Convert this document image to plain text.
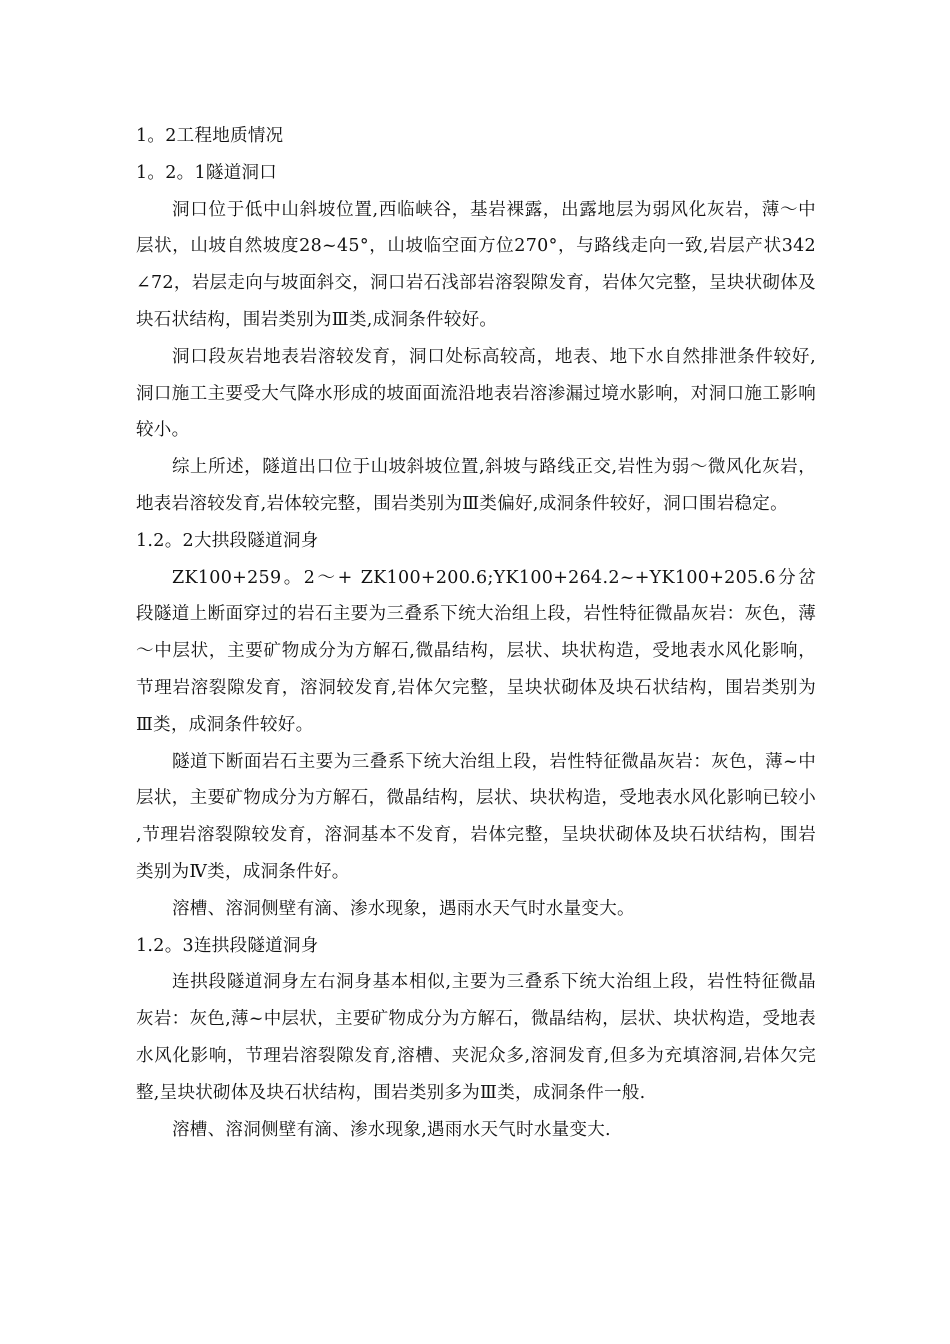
1。2工程地质情况
1。2。1隧道洞口

洞口位于低中山斜坡位置,西临峡谷，基岩裸露，出露地层为弱风化灰岩，薄～中层状，山坡自然坡度28~45°，山坡临空面方位270°，与路线走向一致,岩层产状342∠72，岩层走向与坡面斜交，洞口岩石浅部岩溶裂隙发育，岩体欠完整，呈块状砌体及块石状结构，围岩类别为Ⅲ类,成洞条件较好。

洞口段灰岩地表岩溶较发育，洞口处标高较高，地表、地下水自然排泄条件较好,洞口施工主要受大气降水形成的坡面面流沿地表岩溶渗漏过境水影响，对洞口施工影响较小。

综上所述，隧道出口位于山坡斜坡位置,斜坡与路线正交,岩性为弱～微风化灰岩，地表岩溶较发育,岩体较完整，围岩类别为Ⅲ类偏好,成洞条件较好，洞口围岩稳定。

1.2。2大拱段隧道洞身

ZK100+259。2～+ ZK100+200.6;YK100+264.2~+YK100+205.6分岔段隧道上断面穿过的岩石主要为三叠系下统大治组上段，岩性特征微晶灰岩：灰色，薄～中层状，主要矿物成分为方解石,微晶结构，层状、块状构造，受地表水风化影响，节理岩溶裂隙发育，溶洞较发育,岩体欠完整，呈块状砌体及块石状结构，围岩类别为Ⅲ类，成洞条件较好。

隧道下断面岩石主要为三叠系下统大治组上段，岩性特征微晶灰岩：灰色，薄~中层状，主要矿物成分为方解石，微晶结构，层状、块状构造，受地表水风化影响已较小,节理岩溶裂隙较发育，溶洞基本不发育，岩体完整，呈块状砌体及块石状结构，围岩类别为Ⅳ类，成洞条件好。

溶槽、溶洞侧壁有滴、渗水现象，遇雨水天气时水量变大。

1.2。3连拱段隧道洞身

连拱段隧道洞身左右洞身基本相似,主要为三叠系下统大治组上段，岩性特征微晶灰岩：灰色,薄~中层状，主要矿物成分为方解石，微晶结构，层状、块状构造，受地表水风化影响，节理岩溶裂隙发育,溶槽、夹泥众多,溶洞发育,但多为充填溶洞,岩体欠完整,呈块状砌体及块石状结构，围岩类别多为Ⅲ类，成洞条件一般.

溶槽、溶洞侧壁有滴、渗水现象,遇雨水天气时水量变大.
